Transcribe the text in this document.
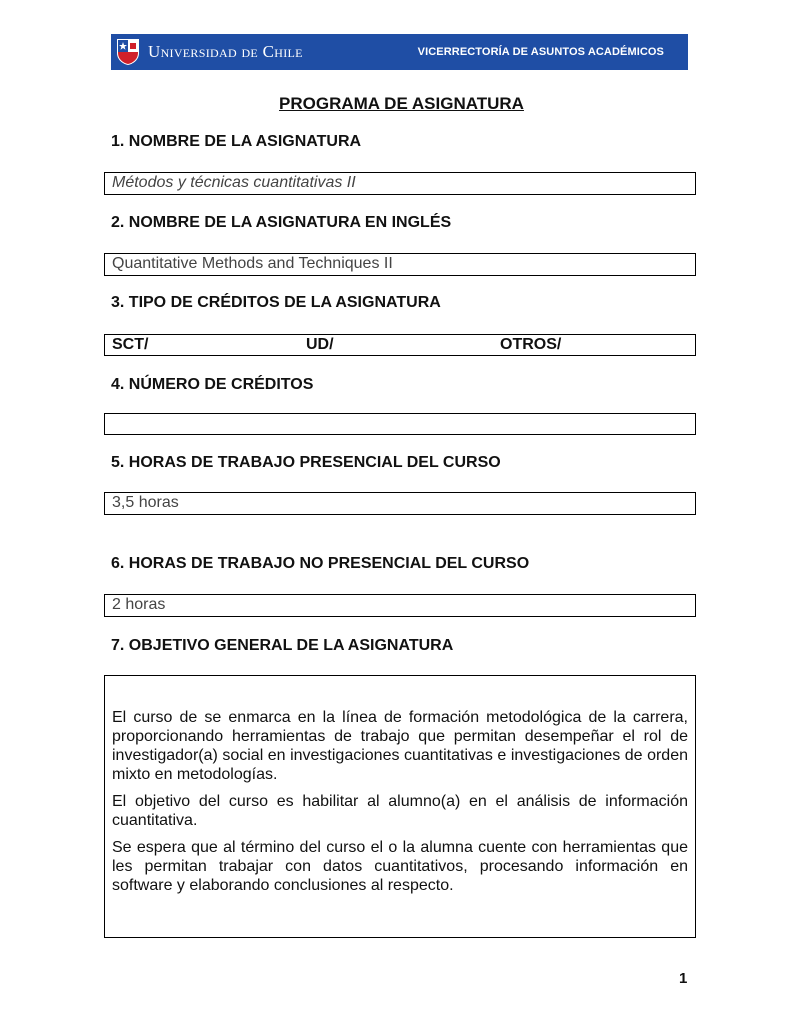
Universidad de Chile	VICERRECTORÍA DE ASUNTOS ACADÉMICOS
PROGRAMA DE ASIGNATURA
1. NOMBRE DE LA ASIGNATURA
Métodos y técnicas cuantitativas II
2. NOMBRE DE LA ASIGNATURA EN INGLÉS
Quantitative Methods and Techniques II
3. TIPO DE CRÉDITOS DE LA ASIGNATURA
SCT/	UD/	OTROS/
4. NÚMERO DE CRÉDITOS
5. HORAS DE TRABAJO PRESENCIAL DEL CURSO
3,5 horas
6. HORAS DE TRABAJO NO PRESENCIAL DEL CURSO
2 horas
7. OBJETIVO GENERAL DE LA ASIGNATURA

El curso de se enmarca en la línea de formación metodológica de la carrera, proporcionando herramientas de trabajo que permitan desempeñar el rol de investigador(a) social en investigaciones cuantitativas e investigaciones de orden mixto en metodologías.

El objetivo del curso es habilitar al alumno(a) en el análisis de información cuantitativa.

Se espera que al término del curso el o la alumna cuente con herramientas que les permitan trabajar con datos cuantitativos, procesando información en software y elaborando conclusiones al respecto.

1
